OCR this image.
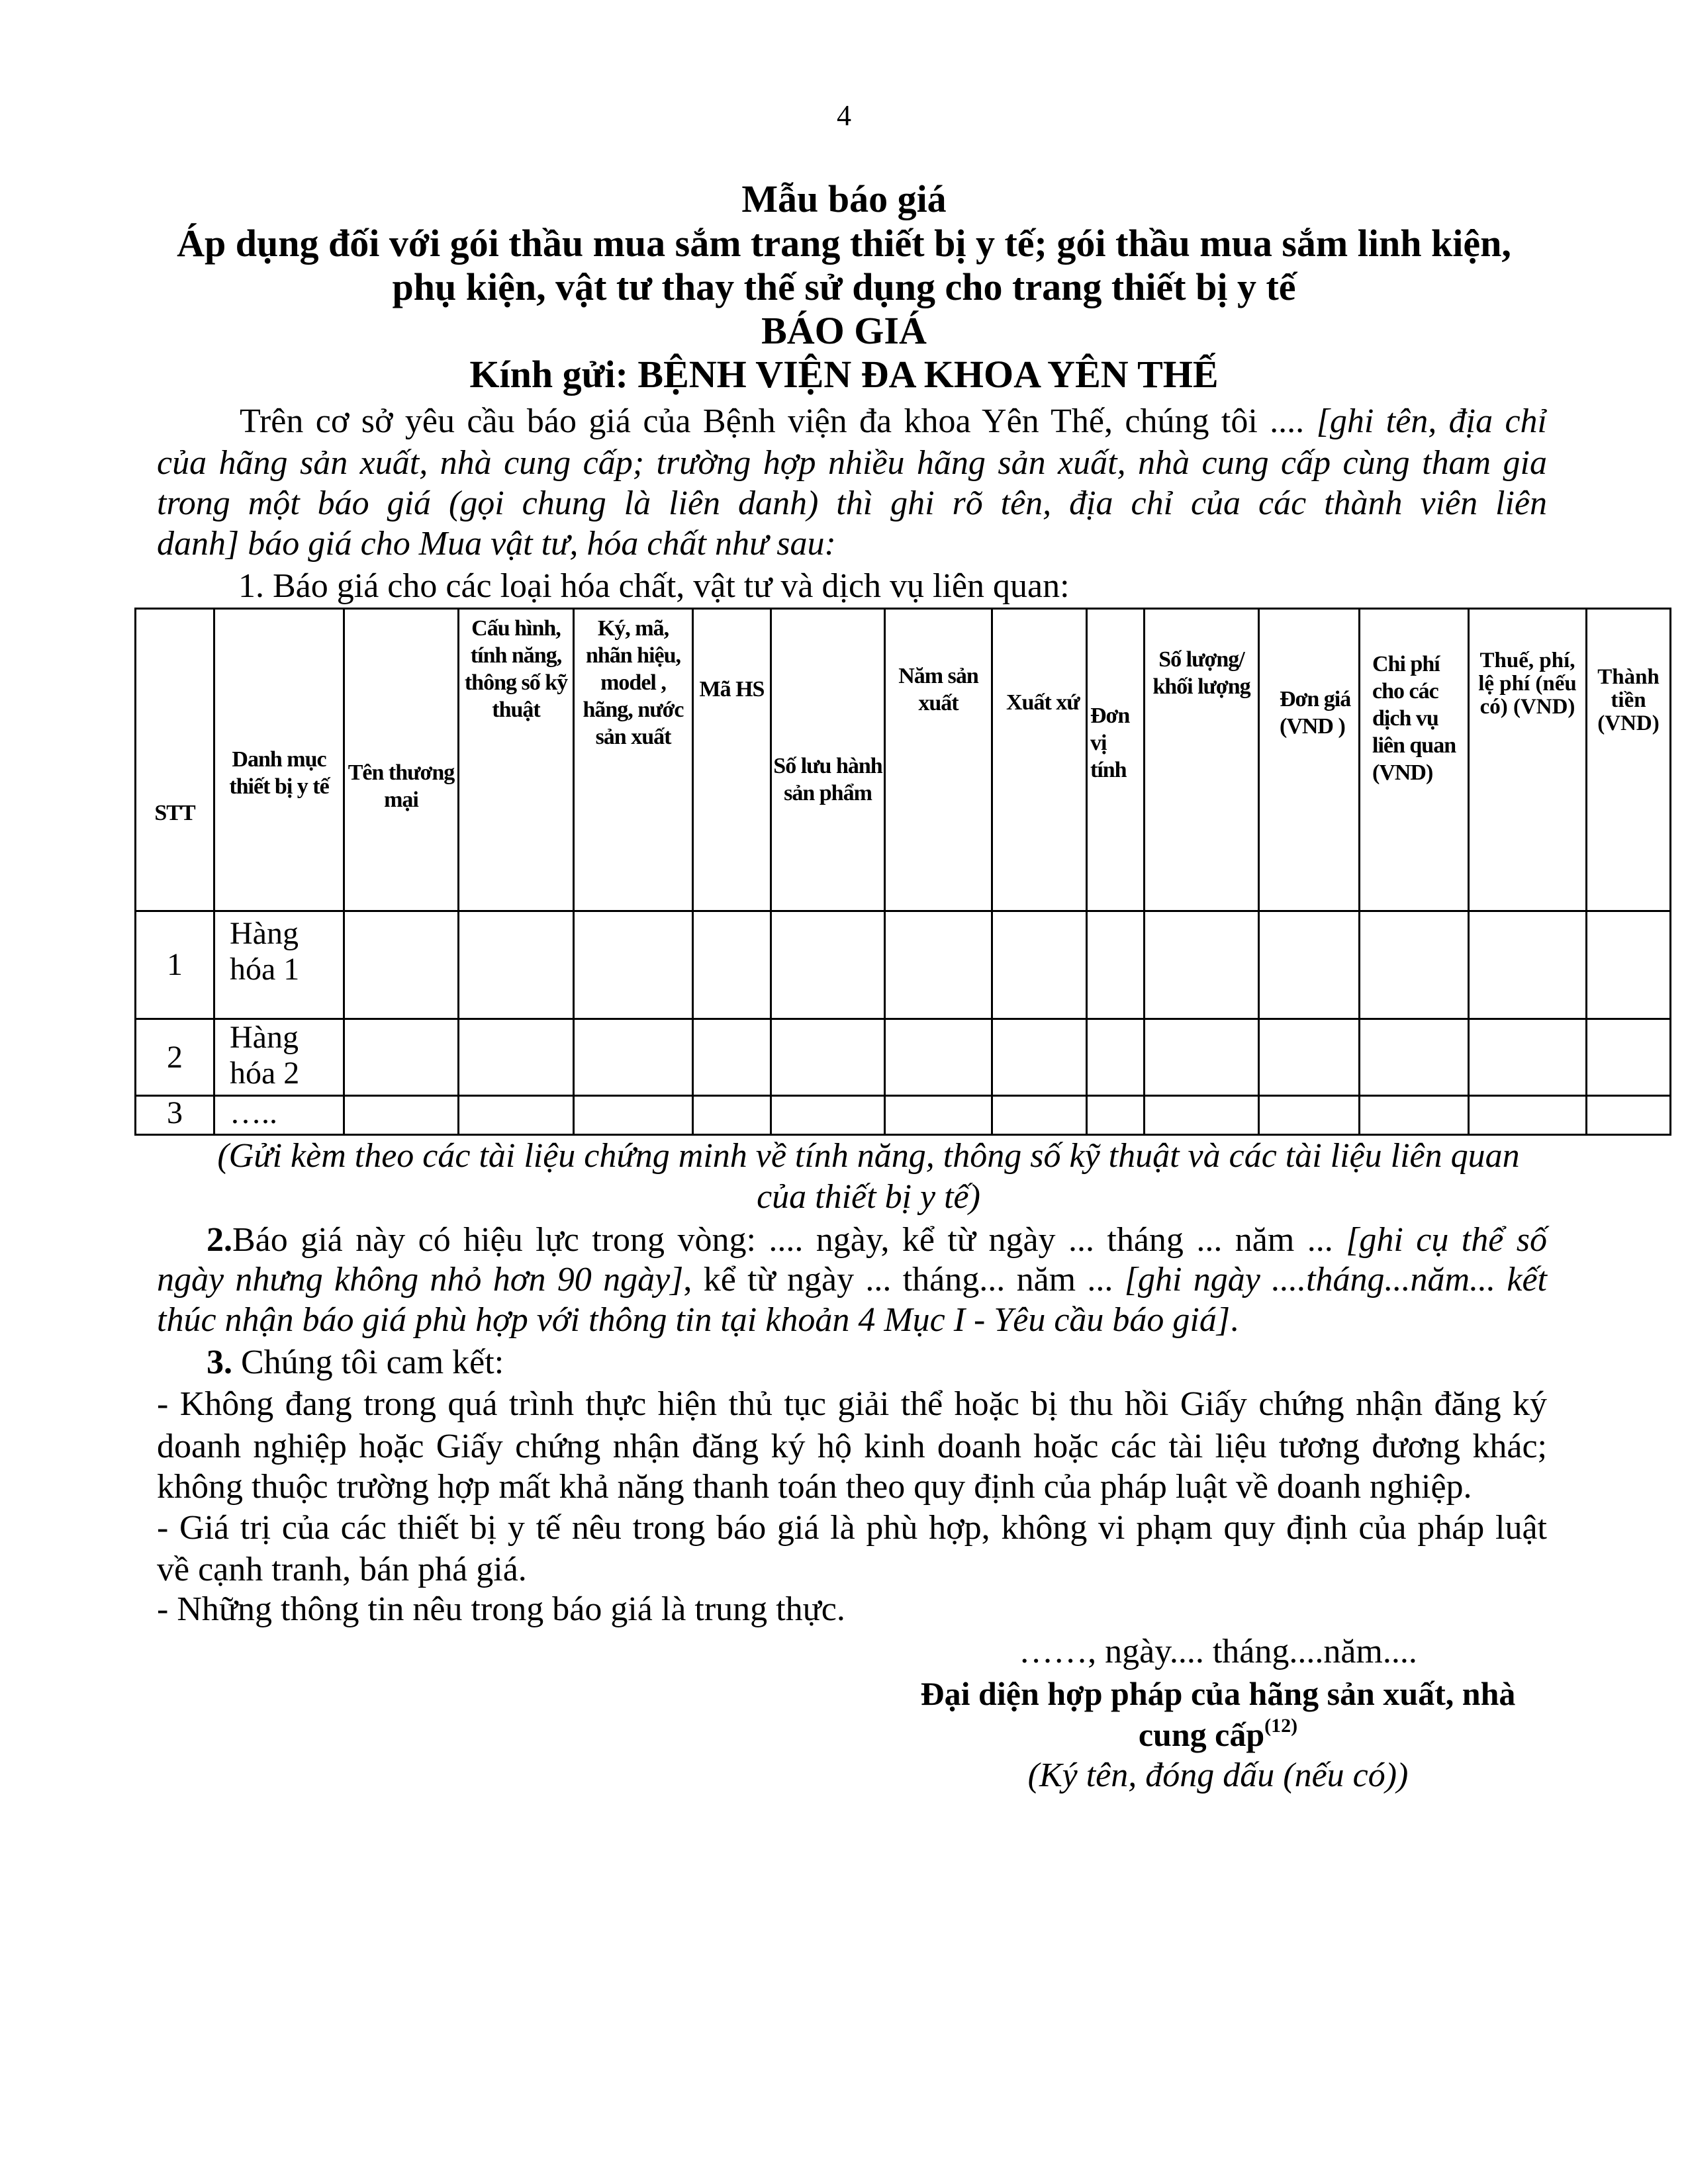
4
Mẫu báo giá
Áp dụng đối với gói thầu mua sắm trang thiết bị y tế; gói thầu mua sắm linh kiện,
phụ kiện, vật tư thay thế sử dụng cho trang thiết bị y tế
BÁO GIÁ
Kính gửi: BỆNH VIỆN ĐA KHOA YÊN THẾ
Trên cơ sở yêu cầu báo giá của Bệnh viện đa khoa Yên Thế, chúng tôi .... [ghi tên, địa chỉ
của hãng sản xuất, nhà cung cấp; trường hợp nhiều hãng sản xuất, nhà cung cấp cùng tham gia
trong một báo giá (gọi chung là liên danh) thì ghi rõ tên, địa chỉ của các thành viên liên
danh] báo giá cho Mua vật tư, hóa chất như sau:
1. Báo giá cho các loại hóa chất, vật tư và dịch vụ liên quan:
STT	Danh mục thiết bị y tế	Tên thương mại	Cấu hình, tính năng, thông số kỹ thuật	Ký, mã, nhãn hiệu, model , hãng, nước sản xuất	Mã HS	Số lưu hành sản phẩm	Năm sản xuất	Xuất xứ	Đơn vị tính	Số lượng/ khối lượng	Đơn giá (VND )	Chi phí cho các dịch vụ liên quan (VND)	Thuế, phí, lệ phí (nếu có) (VND)	Thành tiền (VND)
1	Hàng hóa 1													
2	Hàng hóa 2													
3	…..													
(Gửi kèm theo các tài liệu chứng minh về tính năng, thông số kỹ thuật và các tài liệu liên quan
của thiết bị y tế)
2.Báo giá này có hiệu lực trong vòng: .... ngày, kể từ ngày ... tháng ... năm ... [ghi cụ thể số
ngày nhưng không nhỏ hơn 90 ngày], kể từ ngày ... tháng... năm ... [ghi ngày ....tháng...năm... kết
thúc nhận báo giá phù hợp với thông tin tại khoản 4 Mục I - Yêu cầu báo giá].
3. Chúng tôi cam kết:
- Không đang trong quá trình thực hiện thủ tục giải thể hoặc bị thu hồi Giấy chứng nhận đăng ký
doanh nghiệp hoặc Giấy chứng nhận đăng ký hộ kinh doanh hoặc các tài liệu tương đương khác;
không thuộc trường hợp mất khả năng thanh toán theo quy định của pháp luật về doanh nghiệp.
- Giá trị của các thiết bị y tế nêu trong báo giá là phù hợp, không vi phạm quy định của pháp luật
về cạnh tranh, bán phá giá.
- Những thông tin nêu trong báo giá là trung thực.
……, ngày.... tháng....năm....
Đại diện hợp pháp của hãng sản xuất, nhà
cung cấp$^{(12)}$
(Ký tên, đóng dấu (nếu có))
